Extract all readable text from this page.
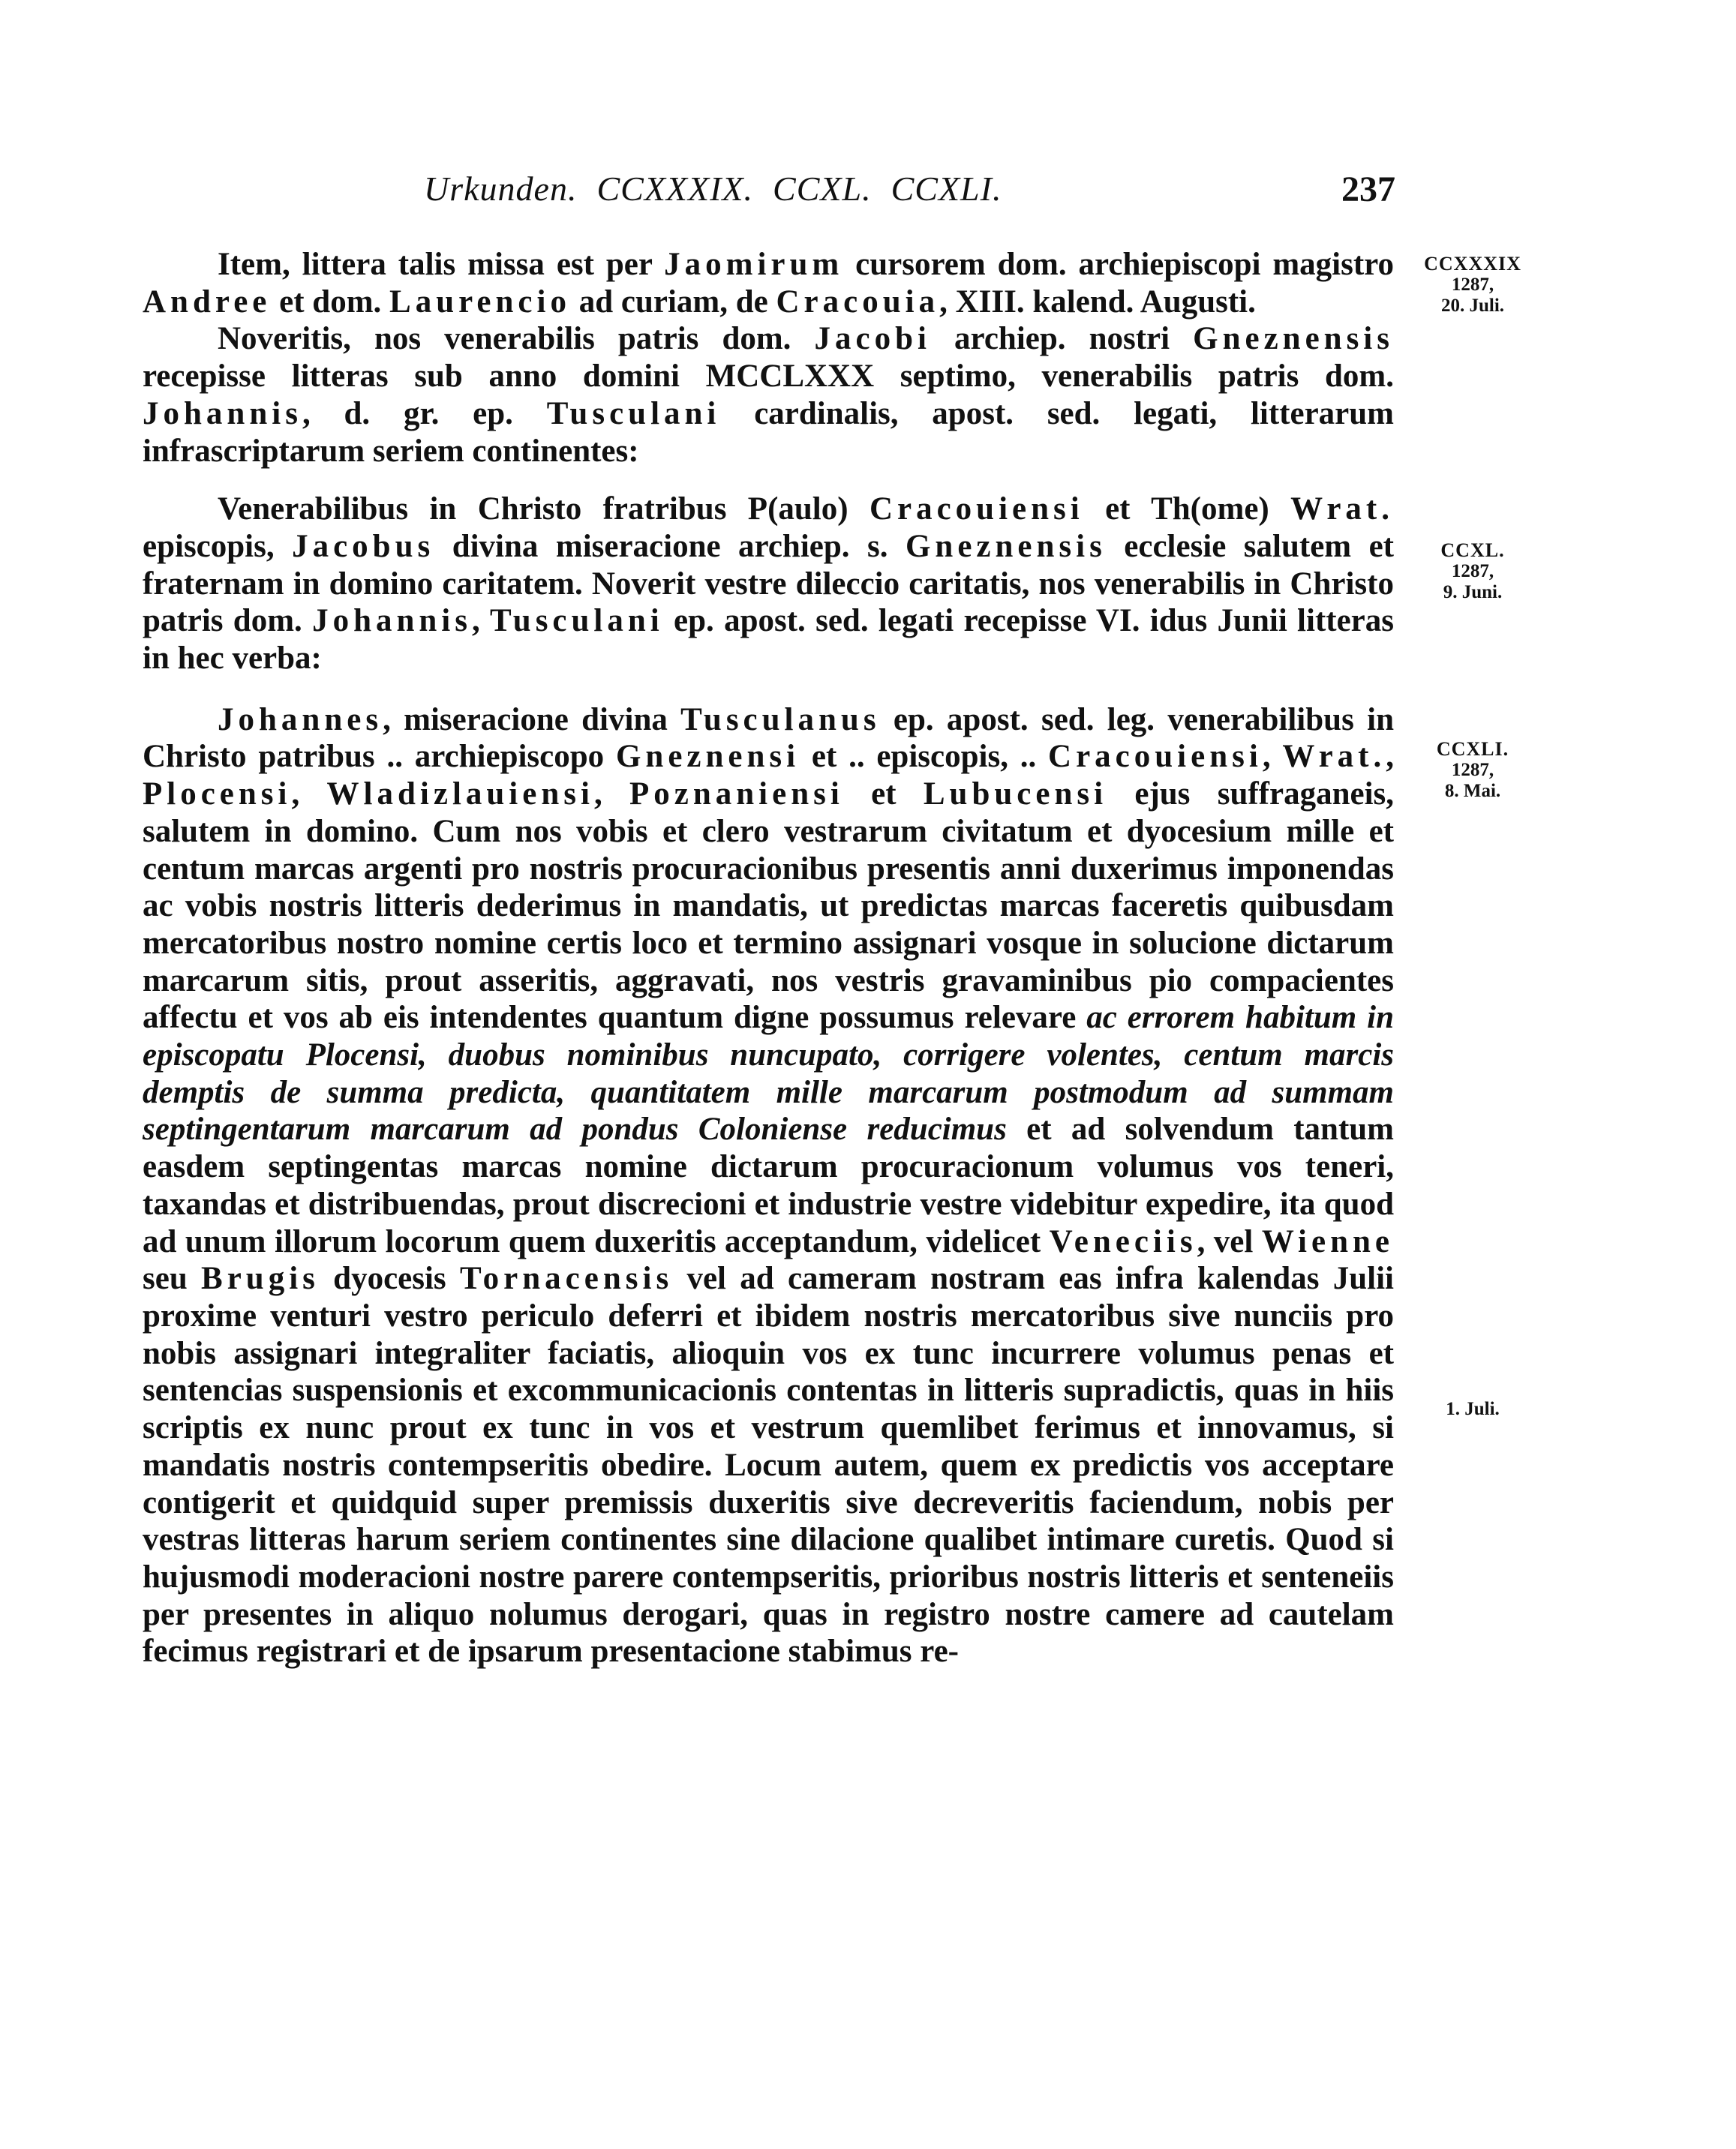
Urkunden. CCXXXIX. CCXL. CCXLI.	237
CCXXXIX
1287,
20. Juli.
CCXL.
1287,
9. Juni.
CCXLI.
1287,
8. Mai.
1. Juli.

Item, littera talis missa est per Jaomirum cursorem dom. archiepiscopi magistro Andree et dom. Laurencio ad curiam, de Cracouia, XIII. kalend. Augusti.

Noveritis, nos venerabilis patris dom. Jacobi archiep. nostri Gneznensis recepisse litteras sub anno domini MCCLXXX septimo, venerabilis patris dom. Johannis, d. gr. ep. Tusculani cardinalis, apost. sed. legati, litterarum infrascriptarum seriem continentes:

Venerabilibus in Christo fratribus P(aulo) Cracouiensi et Th(ome) Wrat. episcopis, Jacobus divina miseracione archiep. s. Gneznensis ecclesie salutem et fraternam in domino caritatem. Noverit vestre dileccio caritatis, nos venerabilis in Christo patris dom. Johannis, Tusculani ep. apost. sed. legati recepisse VI. idus Junii litteras in hec verba:

Johannes, miseracione divina Tusculanus ep. apost. sed. leg. venerabilibus in Christo patribus .. archiepiscopo Gneznensi et .. episcopis, .. Cracouiensi, Wrat., Plocensi, Wladizlauiensi, Poznaniensi et Lubucensi ejus suffraganeis, salutem in domino. Cum nos vobis et clero vestrarum civitatum et dyocesium mille et centum marcas argenti pro nostris procuracionibus presentis anni duxerimus imponendas ac vobis nostris litteris dederimus in mandatis, ut predictas marcas faceretis quibusdam mercatoribus nostro nomine certis loco et termino assignari vosque in solucione dictarum marcarum sitis, prout asseritis, aggravati, nos vestris gravaminibus pio compacientes affectu et vos ab eis intendentes quantum digne possumus relevare ac errorem habitum in episcopatu Plocensi, duobus nominibus nuncupato, corrigere volentes, centum marcis demptis de summa predicta, quantitatem mille marcarum postmodum ad summam septingentarum marcarum ad pondus Coloniense reducimus et ad solvendum tantum easdem septingentas marcas nomine dictarum procuracionum volumus vos teneri, taxandas et distribuendas, prout discrecioni et industrie vestre videbitur expedire, ita quod ad unum illorum locorum quem duxeritis acceptandum, videlicet Veneciis, vel Wienne seu Brugis dyocesis Tornacensis vel ad cameram nostram eas infra kalendas Julii proxime venturi vestro periculo deferri et ibidem nostris mercatoribus sive nunciis pro nobis assignari integraliter faciatis, alioquin vos ex tunc incurrere volumus penas et sentencias suspensionis et excommunicacionis contentas in litteris supradictis, quas in hiis scriptis ex nunc prout ex tunc in vos et vestrum quemlibet ferimus et innovamus, si mandatis nostris contempseritis obedire. Locum autem, quem ex predictis vos acceptare contigerit et quidquid super premissis duxeritis sive decreveritis faciendum, nobis per vestras litteras harum seriem continentes sine dilacione qualibet intimare curetis. Quod si hujusmodi moderacioni nostre parere contempseritis, prioribus nostris litteris et senteneiis per presentes in aliquo nolumus derogari, quas in registro nostre camere ad cautelam fecimus registrari et de ipsarum presentacione stabimus re-
